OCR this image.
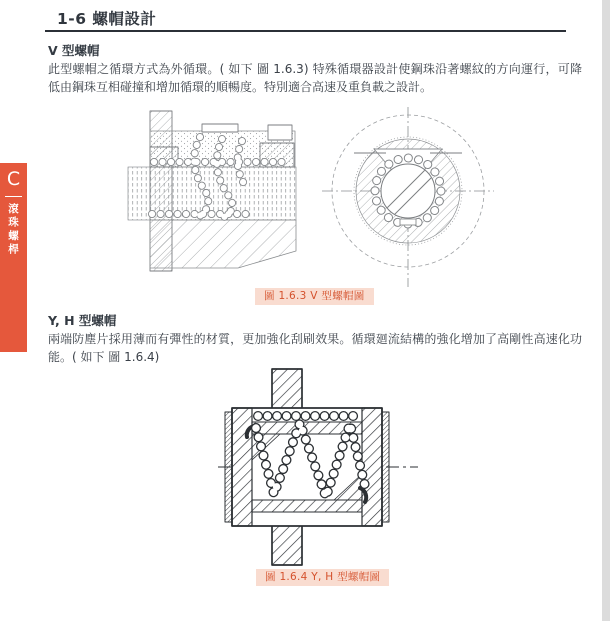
1-6 螺帽設計
C
滾珠螺桿
V 型螺帽
此型螺帽之循環方式為外循環。( 如下 圖 1.6.3) 特殊循環器設計使鋼珠沿著螺紋的方向運行，可降低由鋼珠互相碰撞和增加循環的順暢度。特別適合高速及重負載之設計。
圖 1.6.3 V 型螺帽圖
Y, H 型螺帽
兩端防塵片採用薄而有彈性的材質，更加強化刮刷效果。循環廻流結構的強化增加了高剛性高速化功能。( 如下 圖 1.6.4)
圖 1.6.4 Y, H 型螺帽圖
